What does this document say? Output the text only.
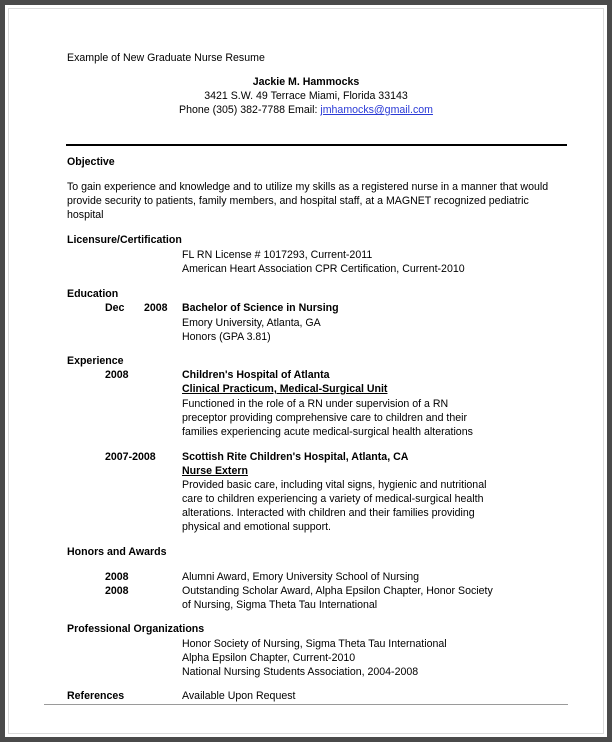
Example of New Graduate Nurse Resume
Jackie M. Hammocks
3421 S.W. 49 Terrace Miami, Florida 33143
Phone (305) 382-7788 Email: jmhamocks@gmail.com
Objective
To gain experience and knowledge and to utilize my skills as a registered nurse in a manner that would
provide security to patients, family members, and hospital staff, at a MAGNET recognized pediatric
hospital
Licensure/Certification
FL RN License # 1017293, Current-2011
American Heart Association CPR Certification, Current-2010
Education
Dec 2008 Bachelor of Science in Nursing
Emory University, Atlanta, GA
Honors (GPA 3.81)
Experience
2008	Children's Hospital of Atlanta
Clinical Practicum, Medical-Surgical Unit
Functioned in the role of a RN under supervision of a RN
preceptor providing comprehensive care to children and their
families experiencing acute medical-surgical health alterations
2007-2008 Scottish Rite Children's Hospital, Atlanta, CA
Nurse Extern
Provided basic care, including vital signs, hygienic and nutritional
care to children experiencing a variety of medical-surgical health
alterations. Interacted with children and their families providing
physical and emotional support.
Honors and Awards
2008	Alumni Award, Emory University School of Nursing
2008	Outstanding Scholar Award, Alpha Epsilon Chapter, Honor Society
of Nursing, Sigma Theta Tau International
Professional Organizations
Honor Society of Nursing, Sigma Theta Tau International
Alpha Epsilon Chapter, Current-2010
National Nursing Students Association, 2004-2008
References	Available Upon Request
